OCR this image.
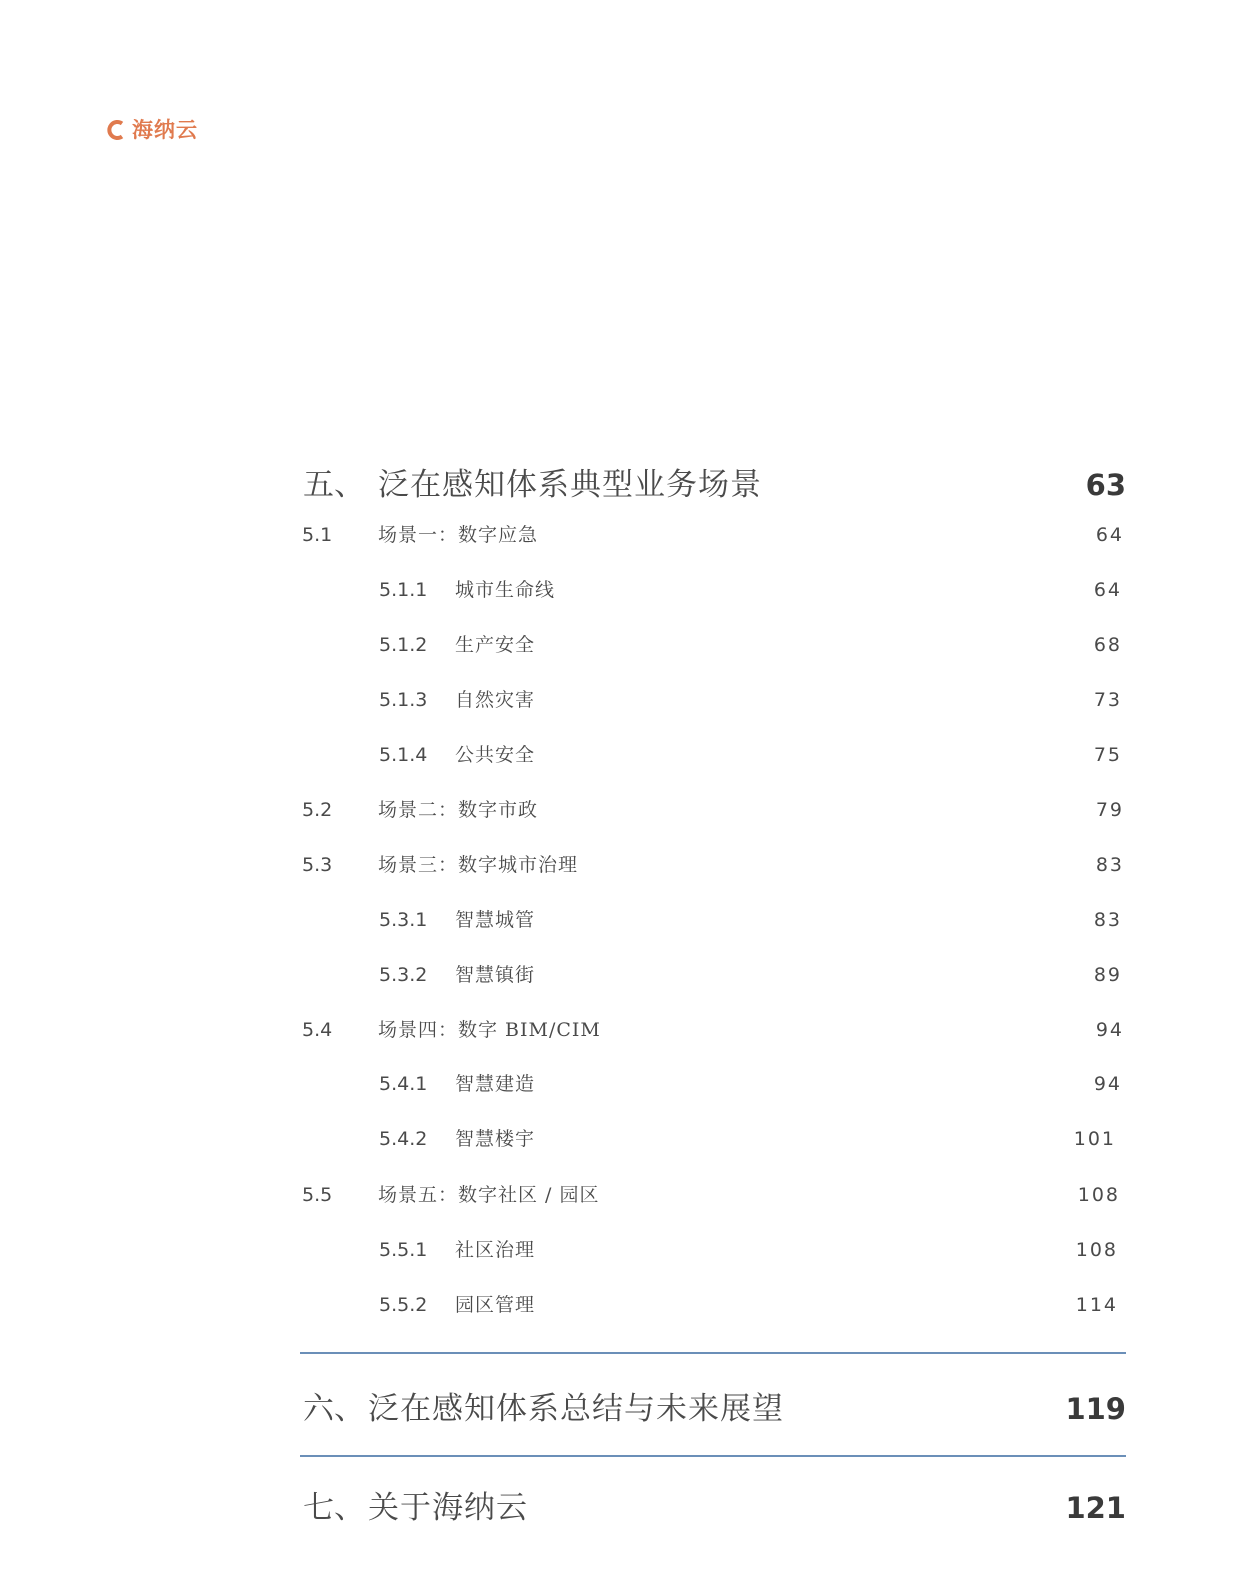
海纳云
五、 泛在感知体系典型业务场景	63
5.1 场景一：数字应急	64
5.1.1 城市生命线	64
5.1.2 生产安全	68
5.1.3 自然灾害	73
5.1.4 公共安全	75
5.2 场景二：数字市政	79
5.3 场景三：数字城市治理	83
5.3.1 智慧城管	83
5.3.2 智慧镇街	89
5.4 场景四：数字 BIM/CIM	94
5.4.1 智慧建造	94
5.4.2 智慧楼宇	101
5.5 场景五：数字社区 / 园区	108
5.5.1 社区治理	108
5.5.2 园区管理	114
六、 泛在感知体系总结与未来展望	119
七、 关于海纳云	121
